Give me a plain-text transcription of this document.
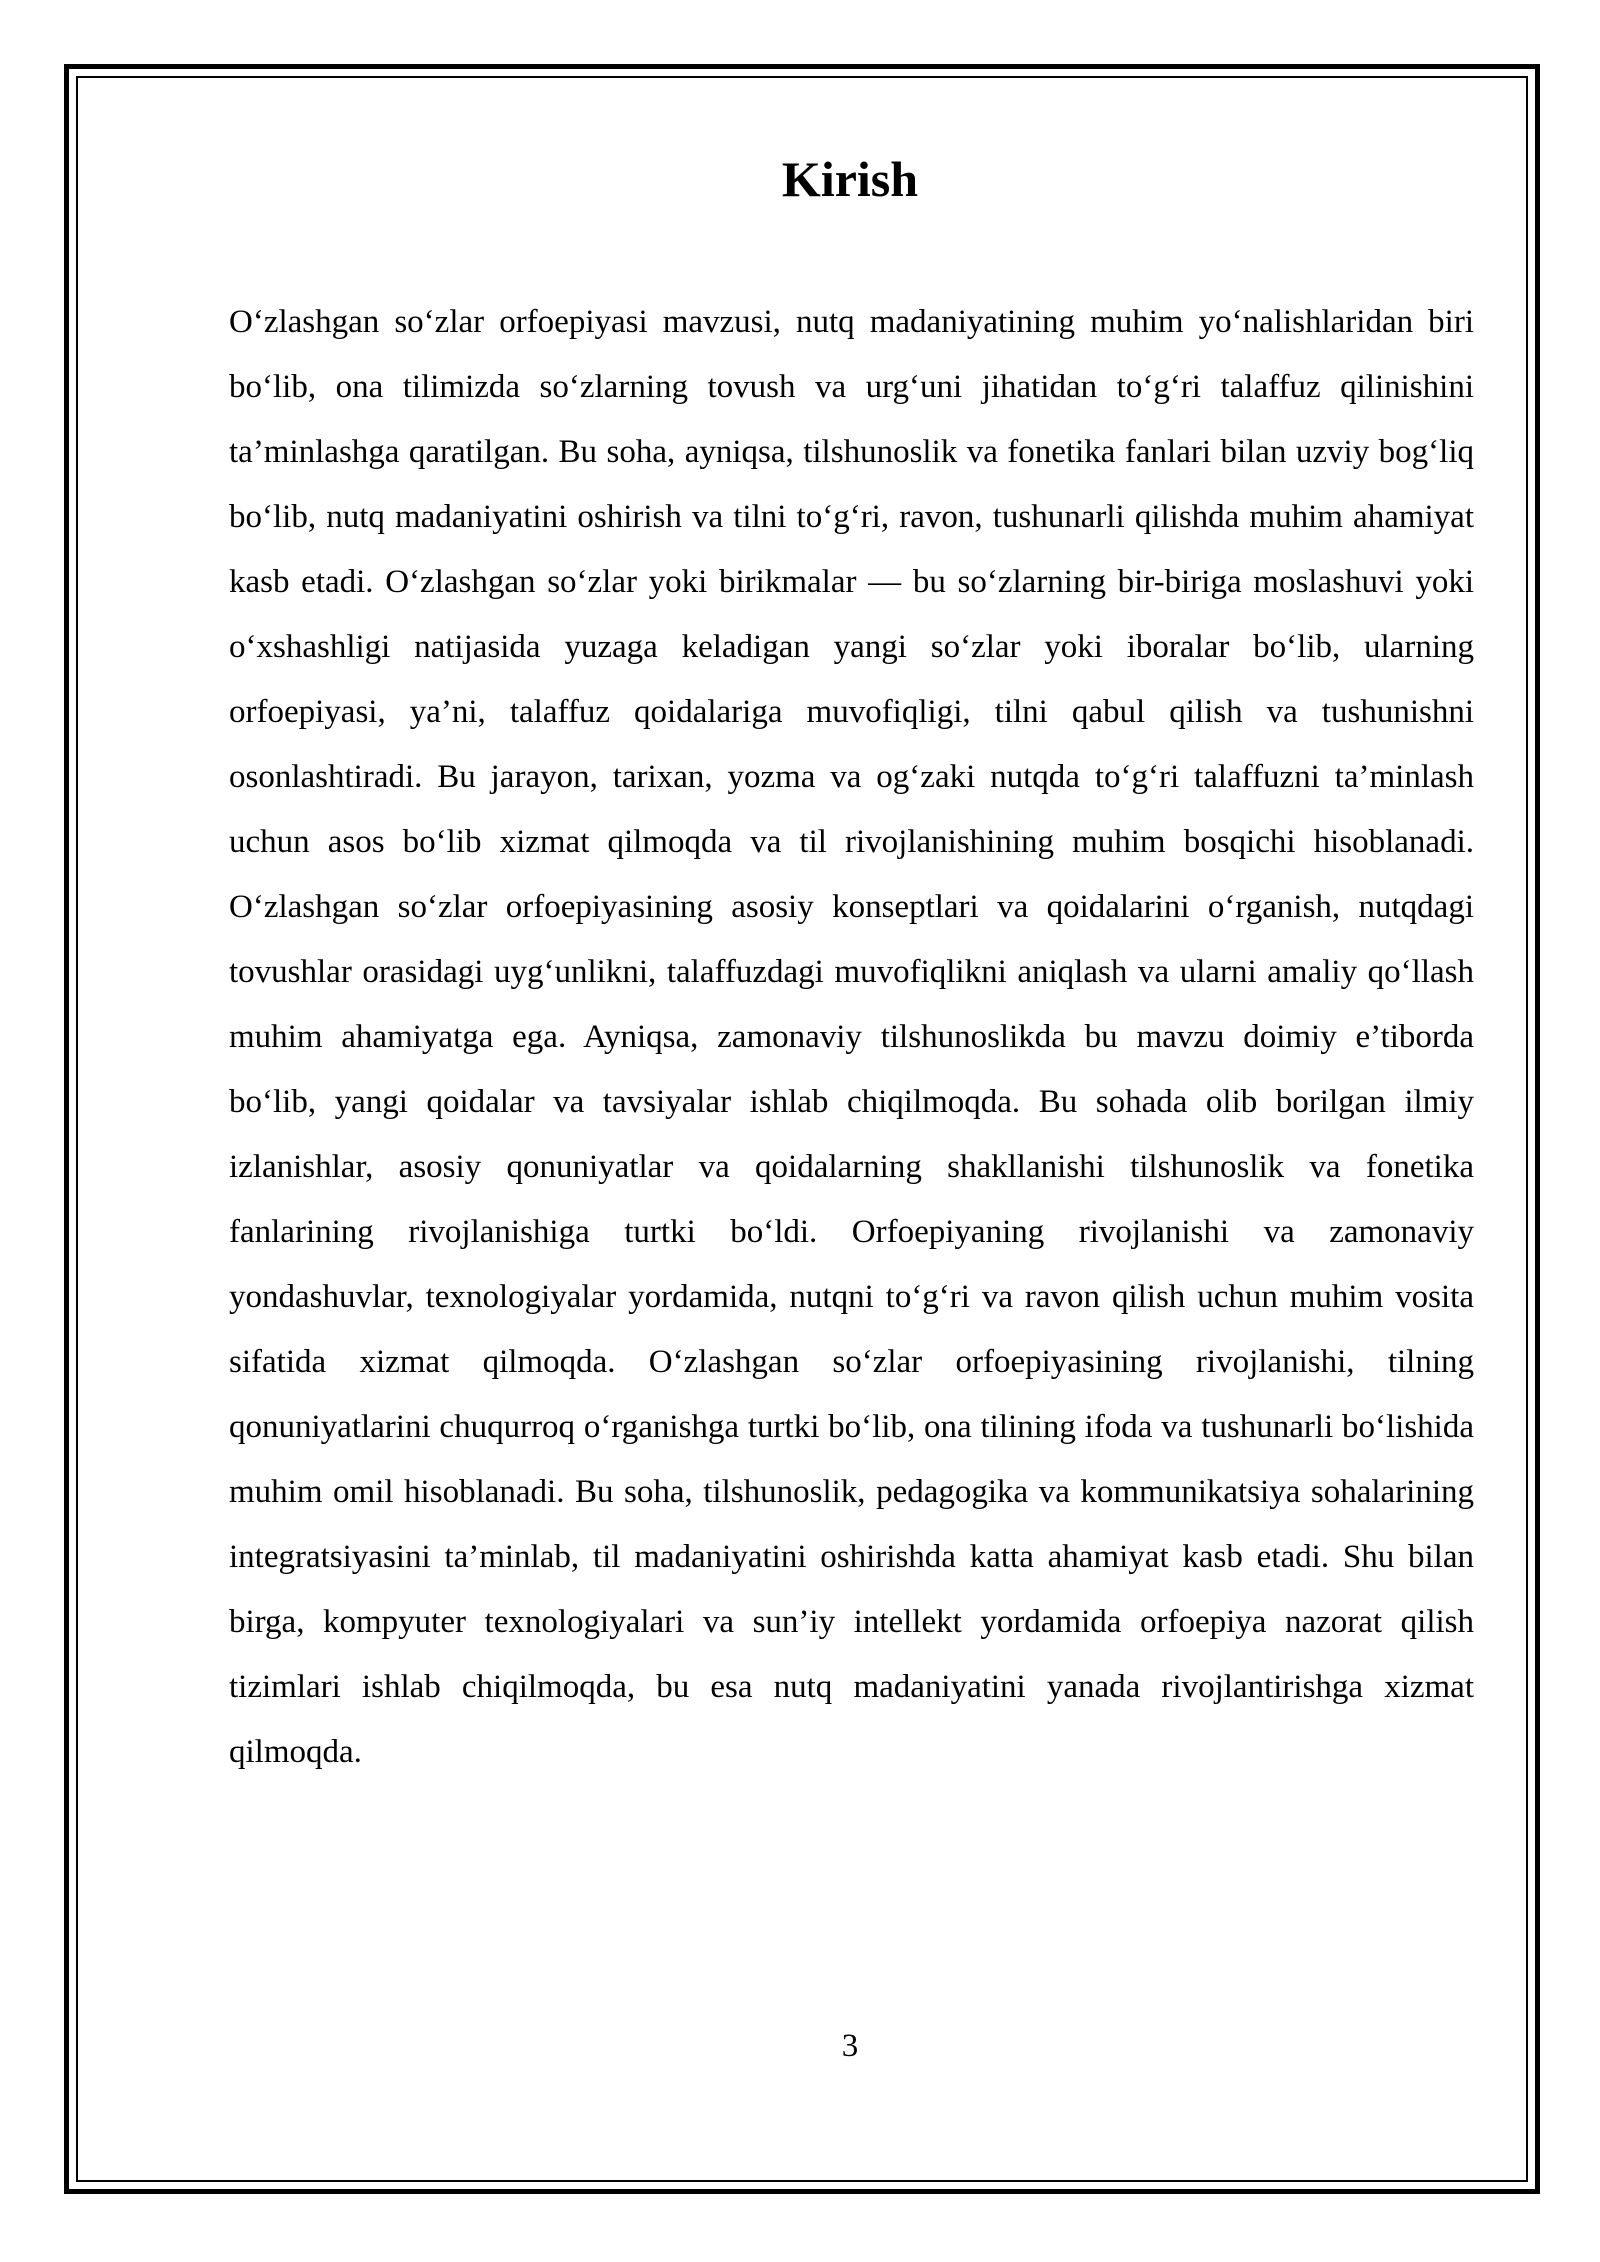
Kirish

O‘zlashgan so‘zlar orfoepiyasi mavzusi, nutq madaniyatining muhim yo‘nalishlaridan biri bo‘lib, ona tilimizda so‘zlarning tovush va urg‘uni jihatidan to‘g‘ri talaffuz qilinishini ta’minlashga qaratilgan. Bu soha, ayniqsa, tilshunoslik va fonetika fanlari bilan uzviy bog‘liq bo‘lib, nutq madaniyatini oshirish va tilni to‘g‘ri, ravon, tushunarli qilishda muhim ahamiyat kasb etadi. O‘zlashgan so‘zlar yoki birikmalar — bu so‘zlarning bir-biriga moslashuvi yoki o‘xshashligi natijasida yuzaga keladigan yangi so‘zlar yoki iboralar bo‘lib, ularning orfoepiyasi, ya’ni, talaffuz qoidalariga muvofiqligi, tilni qabul qilish va tushunishni osonlashtiradi. Bu jarayon, tarixan, yozma va og‘zaki nutqda to‘g‘ri talaffuzni ta’minlash uchun asos bo‘lib xizmat qilmoqda va til rivojlanishining muhim bosqichi hisoblanadi.

O‘zlashgan so‘zlar orfoepiyasining asosiy konseptlari va qoidalarini o‘rganish, nutqdagi tovushlar orasidagi uyg‘unlikni, talaffuzdagi muvofiqlikni aniqlash va ularni amaliy qo‘llash muhim ahamiyatga ega. Ayniqsa, zamonaviy tilshunoslikda bu mavzu doimiy e’tiborda bo‘lib, yangi qoidalar va tavsiyalar ishlab chiqilmoqda. Bu sohada olib borilgan ilmiy izlanishlar, asosiy qonuniyatlar va qoidalarning shakllanishi tilshunoslik va fonetika fanlarining rivojlanishiga turtki bo‘ldi. Orfoepiyaning rivojlanishi va zamonaviy yondashuvlar, texnologiyalar yordamida, nutqni to‘g‘ri va ravon qilish uchun muhim vosita sifatida xizmat qilmoqda. O‘zlashgan so‘zlar orfoepiyasining rivojlanishi, tilning qonuniyatlarini chuqurroq o‘rganishga turtki bo‘lib, ona tilining ifoda va tushunarli bo‘lishida muhim omil hisoblanadi. Bu soha, tilshunoslik, pedagogika va kommunikatsiya sohalarining integratsiyasini ta’minlab, til madaniyatini oshirishda katta ahamiyat kasb etadi. Shu bilan birga, kompyuter texnologiyalari va sun’iy intellekt yordamida orfoepiya nazorat qilish tizimlari ishlab chiqilmoqda, bu esa nutq madaniyatini yanada rivojlantirishga xizmat qilmoqda.

3
